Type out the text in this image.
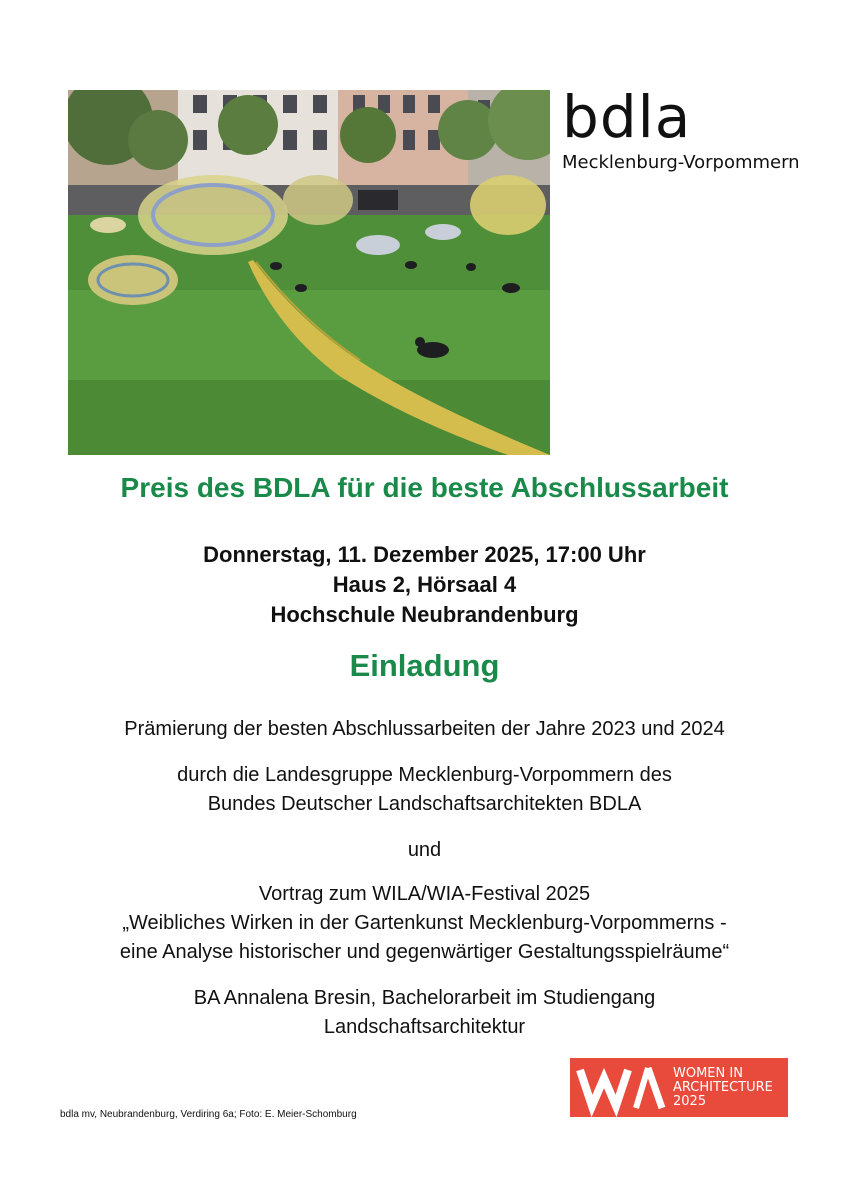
bdla
Mecklenburg-Vorpommern
Preis des BDLA für die beste Abschlussarbeit
Donnerstag, 11. Dezember 2025, 17:00 Uhr
Haus 2, Hörsaal 4
Hochschule Neubrandenburg
Einladung
Prämierung der besten Abschlussarbeiten der Jahre 2023 und 2024
durch die Landesgruppe Mecklenburg-Vorpommern des
Bundes Deutscher Landschaftsarchitekten BDLA
und
Vortrag zum WILA/WIA-Festival 2025
„Weibliches Wirken in der Gartenkunst Mecklenburg-Vorpommerns -
eine Analyse historischer und gegenwärtiger Gestaltungsspielräume“
BA Annalena Bresin, Bachelorarbeit im Studiengang
Landschaftsarchitektur
WOMEN IN
ARCHITECTURE
2025
bdla mv, Neubrandenburg, Verdiring 6a; Foto: E. Meier-Schomburg
